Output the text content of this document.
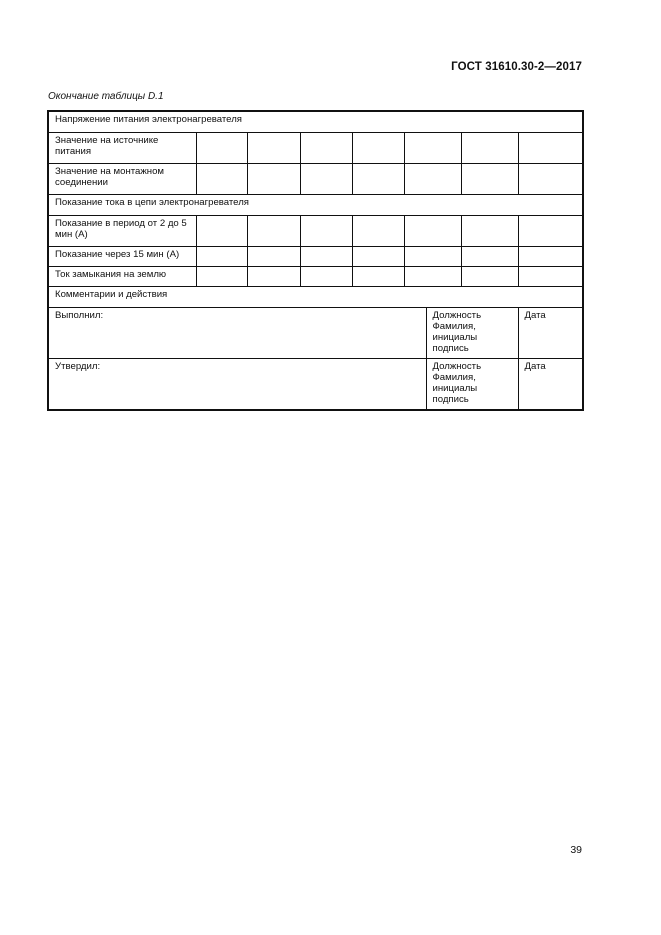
ГОСТ 31610.30-2—2017
Окончание таблицы D.1
Напряжение питания электронагревателя								
Значение на источнике питания								
Значение на монтажном соединении								
Показание тока в цепи электронагревателя								
Показание в период от 2 до 5 мин (А)								
Показание через 15 мин (А)								
Ток замыкания на землю								
Комментарии и действия								
Выполнил:						Должность Фамилия, инициалы подпись		Дата
Утвердил:						Должность Фамилия, инициалы подпись		Дата
39
